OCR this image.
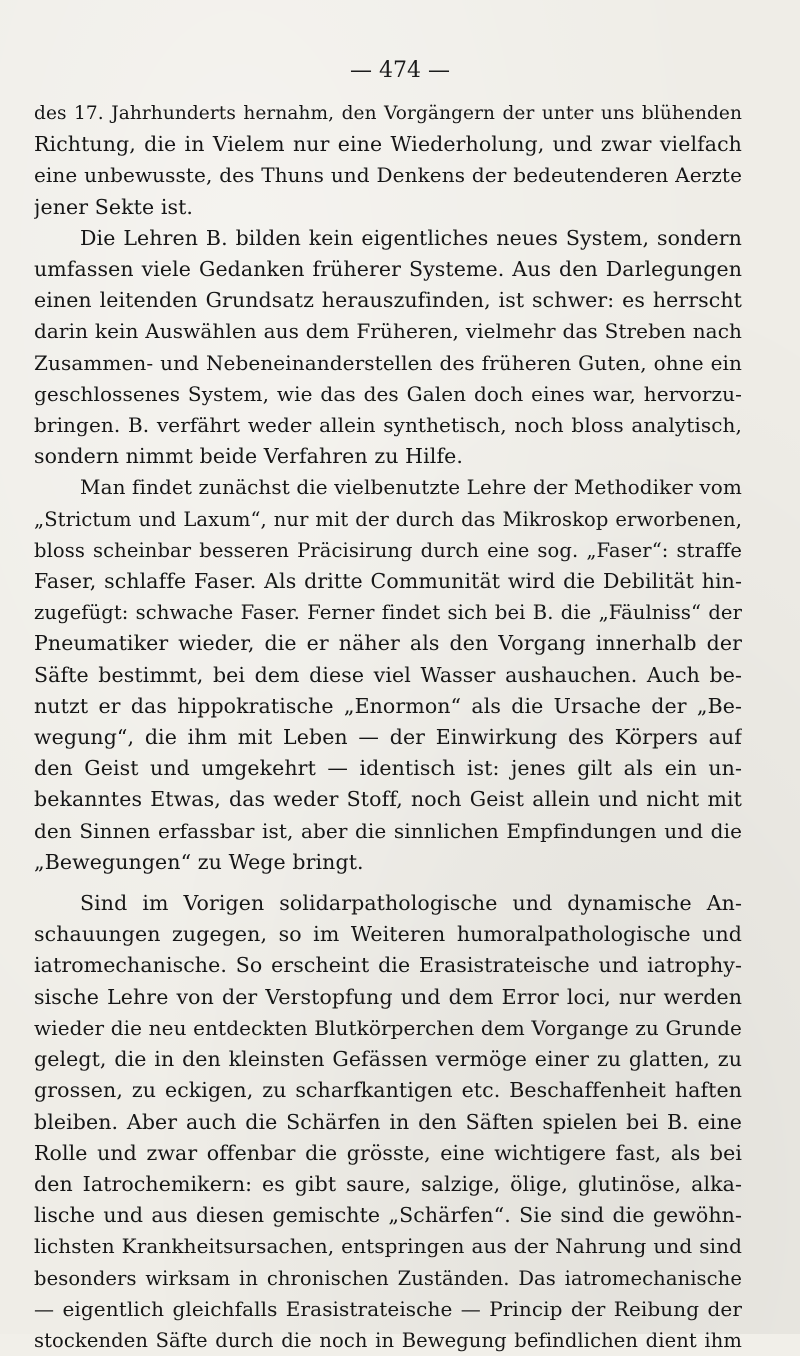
— 474 —
des 17. Jahrhunderts hernahm, den Vorgängern der unter uns blühenden
Richtung, die in Vielem nur eine Wiederholung, und zwar vielfach
eine unbewusste, des Thuns und Denkens der bedeutenderen Aerzte
jener Sekte ist.
Die Lehren B. bilden kein eigentliches neues System, sondern
umfassen viele Gedanken früherer Systeme. Aus den Darlegungen
einen leitenden Grundsatz herauszufinden, ist schwer: es herrscht
darin kein Auswählen aus dem Früheren, vielmehr das Streben nach
Zusammen- und Nebeneinanderstellen des früheren Guten, ohne ein
geschlossenes System, wie das des Galen doch eines war, hervorzu-
bringen. B. verfährt weder allein synthetisch, noch bloss analytisch,
sondern nimmt beide Verfahren zu Hilfe.
Man findet zunächst die vielbenutzte Lehre der Methodiker vom
„Strictum und Laxum“, nur mit der durch das Mikroskop erworbenen,
bloss scheinbar besseren Präcisirung durch eine sog. „Faser“: straffe
Faser, schlaffe Faser. Als dritte Communität wird die Debilität hin-
zugefügt: schwache Faser. Ferner findet sich bei B. die „Fäulniss“ der
Pneumatiker wieder, die er näher als den Vorgang innerhalb der
Säfte bestimmt, bei dem diese viel Wasser aushauchen. Auch be-
nutzt er das hippokratische „Enormon“ als die Ursache der „Be-
wegung“, die ihm mit Leben — der Einwirkung des Körpers auf
den Geist und umgekehrt — identisch ist: jenes gilt als ein un-
bekanntes Etwas, das weder Stoff, noch Geist allein und nicht mit
den Sinnen erfassbar ist, aber die sinnlichen Empfindungen und die
„Bewegungen“ zu Wege bringt.
Sind im Vorigen solidarpathologische und dynamische An-
schauungen zugegen, so im Weiteren humoralpathologische und
iatromechanische. So erscheint die Erasistrateische und iatrophy-
sische Lehre von der Verstopfung und dem Error loci, nur werden
wieder die neu entdeckten Blutkörperchen dem Vorgange zu Grunde
gelegt, die in den kleinsten Gefässen vermöge einer zu glatten, zu
grossen, zu eckigen, zu scharfkantigen etc. Beschaffenheit haften
bleiben. Aber auch die Schärfen in den Säften spielen bei B. eine
Rolle und zwar offenbar die grösste, eine wichtigere fast, als bei
den Iatrochemikern: es gibt saure, salzige, ölige, glutinöse, alka-
lische und aus diesen gemischte „Schärfen“. Sie sind die gewöhn-
lichsten Krankheitsursachen, entspringen aus der Nahrung und sind
besonders wirksam in chronischen Zuständen. Das iatromechanische
— eigentlich gleichfalls Erasistrateische — Princip der Reibung der
stockenden Säfte durch die noch in Bewegung befindlichen dient ihm
